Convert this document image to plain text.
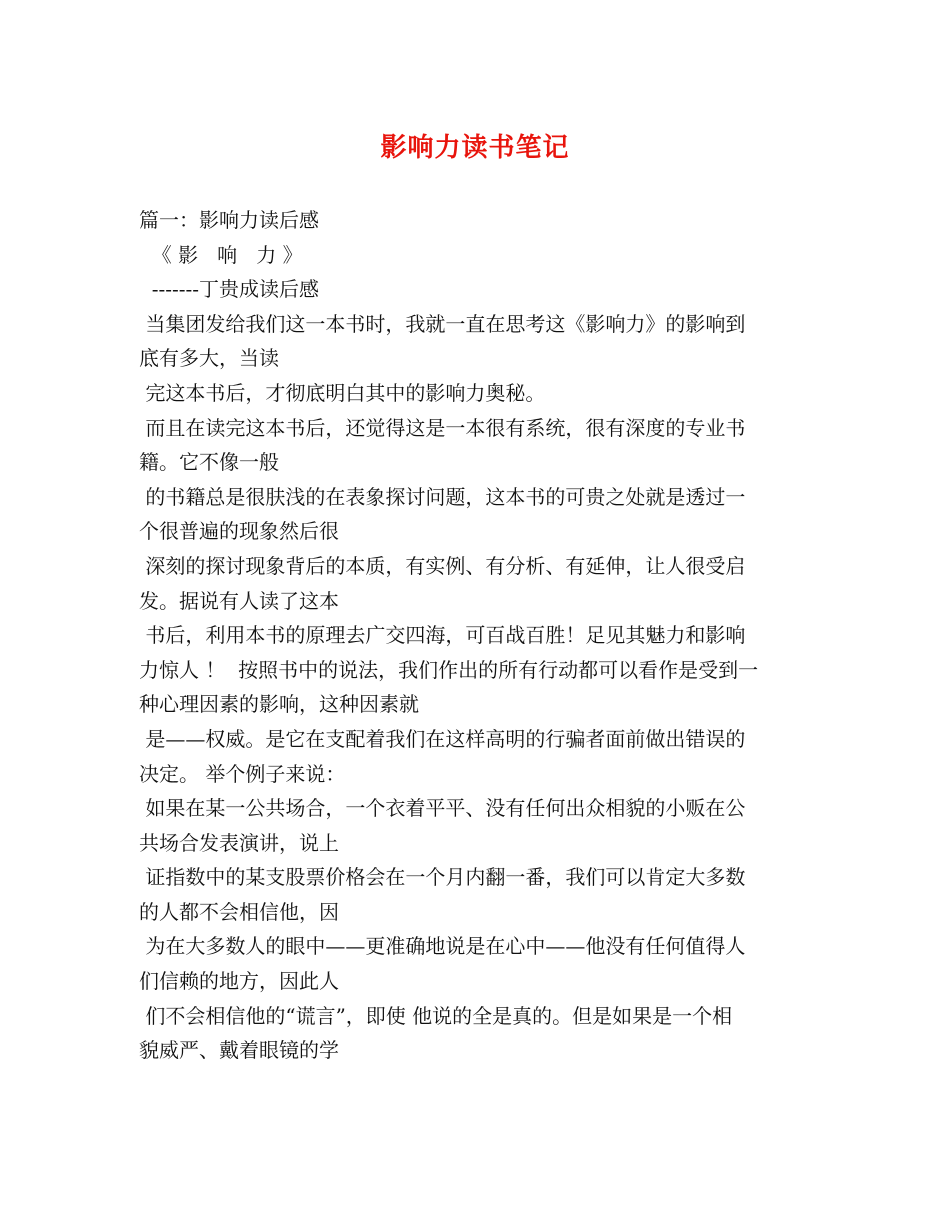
影响力读书笔记
篇一：影响力读后感
《 影   响   力 》
-------丁贵成读后感
当集团发给我们这一本书时，我就一直在思考这《影响力》的影响到
底有多大，当读
完这本书后，才彻底明白其中的影响力奥秘。
而且在读完这本书后，还觉得这是一本很有系统，很有深度的专业书
籍。它不像一般
的书籍总是很肤浅的在表象探讨问题，这本书的可贵之处就是透过一
个很普遍的现象然后很
深刻的探讨现象背后的本质，有实例、有分析、有延伸，让人很受启
发。据说有人读了这本
书后，利用本书的原理去广交四海，可百战百胜！足见其魅力和影响
力惊人 ！  按照书中的说法，我们作出的所有行动都可以看作是受到一
种心理因素的影响，这种因素就
是——权威。是它在支配着我们在这样高明的行骗者面前做出错误的
决定。 举个例子来说：
如果在某一公共场合，一个衣着平平、没有任何出众相貌的小贩在公
共场合发表演讲，说上
证指数中的某支股票价格会在一个月内翻一番，我们可以肯定大多数
的人都不会相信他，因
为在大多数人的眼中——更准确地说是在心中——他没有任何值得人
们信赖的地方，因此人
们不会相信他的“谎言”，即使 他说的全是真的。但是如果是一个相
貌威严、戴着眼镜的学
